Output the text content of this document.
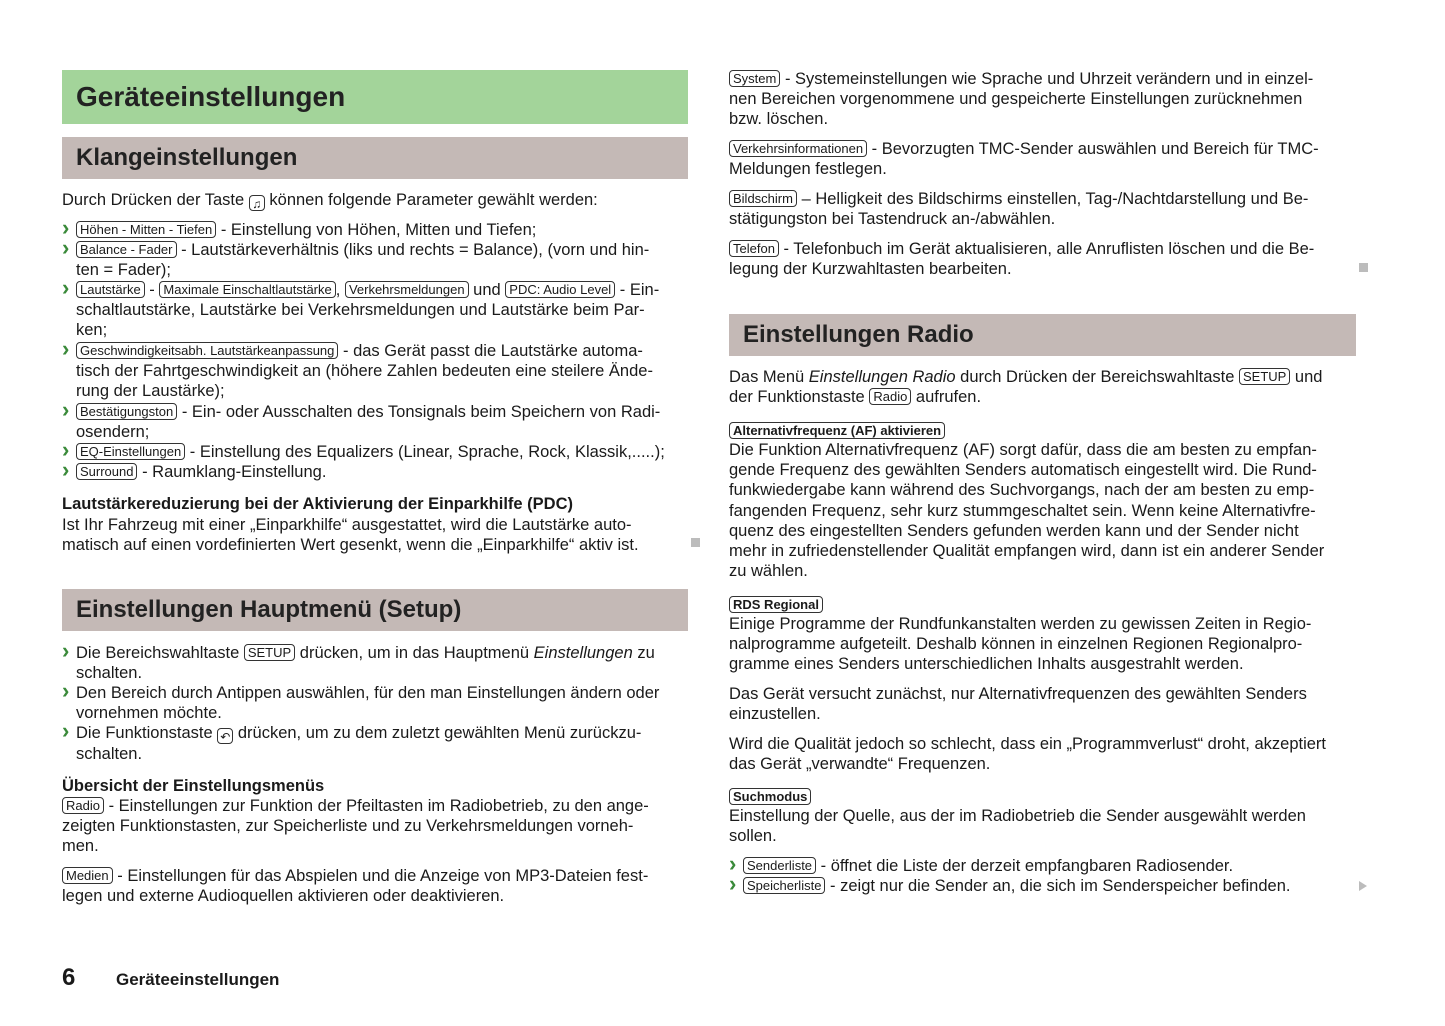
Geräteeinstellungen
Klangeinstellungen
Durch Drücken der Taste ♫ können folgende Parameter gewählt werden:
› Höhen - Mitten - Tiefen - Einstellung von Höhen, Mitten und Tiefen;
› Balance - Fader - Lautstärkeverhältnis (liks und rechts = Balance), (vorn und hin-
ten = Fader);
› Lautstärke - Maximale Einschaltlautstärke , Verkehrsmeldungen und PDC: Audio Level - Ein-
schaltlautstärke, Lautstärke bei Verkehrsmeldungen und Lautstärke beim Par-
ken;
› Geschwindigkeitsabh. Lautstärkeanpassung - das Gerät passt die Lautstärke automa-
tisch der Fahrtgeschwindigkeit an (höhere Zahlen bedeuten eine steilere Ände-
rung der Laustärke);
› Bestätigungston - Ein- oder Ausschalten des Tonsignals beim Speichern von Radi-
osendern;
› EQ-Einstellungen - Einstellung des Equalizers (Linear, Sprache, Rock, Klassik,.....);
› Surround - Raumklang-Einstellung.
Lautstärkereduzierung bei der Aktivierung der Einparkhilfe (PDC)
Ist Ihr Fahrzeug mit einer „Einparkhilfe“ ausgestattet, wird die Lautstärke auto-
matisch auf einen vordefinierten Wert gesenkt, wenn die „Einparkhilfe“ aktiv ist.
Einstellungen Hauptmenü (Setup)
› Die Bereichswahltaste SETUP drücken, um in das Hauptmenü Einstellungen zu
schalten.
› Den Bereich durch Antippen auswählen, für den man Einstellungen ändern oder
vornehmen möchte.
› Die Funktionstaste ↶ drücken, um zu dem zuletzt gewählten Menü zurückzu-
schalten.
Übersicht der Einstellungsmenüs
Radio - Einstellungen zur Funktion der Pfeiltasten im Radiobetrieb, zu den ange-
zeigten Funktionstasten, zur Speicherliste und zu Verkehrsmeldungen vorneh-
men.
Medien - Einstellungen für das Abspielen und die Anzeige von MP3-Dateien fest-
legen und externe Audioquellen aktivieren oder deaktivieren.
System - Systemeinstellungen wie Sprache und Uhrzeit verändern und in einzel-
nen Bereichen vorgenommene und gespeicherte Einstellungen zurücknehmen
bzw. löschen.
Verkehrsinformationen - Bevorzugten TMC-Sender auswählen und Bereich für TMC-
Meldungen festlegen.
Bildschirm – Helligkeit des Bildschirms einstellen, Tag-/Nachtdarstellung und Be-
stätigungston bei Tastendruck an-/abwählen.
Telefon - Telefonbuch im Gerät aktualisieren, alle Anruflisten löschen und die Be-
legung der Kurzwahltasten bearbeiten.
Einstellungen Radio
Das Menü Einstellungen Radio durch Drücken der Bereichswahltaste SETUP und
der Funktionstaste Radio aufrufen.
Alternativfrequenz (AF) aktivieren
Die Funktion Alternativfrequenz (AF) sorgt dafür, dass die am besten zu empfan-
gende Frequenz des gewählten Senders automatisch eingestellt wird. Die Rund-
funkwiedergabe kann während des Suchvorgangs, nach der am besten zu emp-
fangenden Frequenz, sehr kurz stummgeschaltet sein. Wenn keine Alternativfre-
quenz des eingestellten Senders gefunden werden kann und der Sender nicht
mehr in zufriedenstellender Qualität empfangen wird, dann ist ein anderer Sender
zu wählen.
RDS Regional
Einige Programme der Rundfunkanstalten werden zu gewissen Zeiten in Regio-
nalprogramme aufgeteilt. Deshalb können in einzelnen Regionen Regionalpro-
gramme eines Senders unterschiedlichen Inhalts ausgestrahlt werden.
Das Gerät versucht zunächst, nur Alternativfrequenzen des gewählten Senders
einzustellen.
Wird die Qualität jedoch so schlecht, dass ein „Programmverlust“ droht, akzeptiert
das Gerät „verwandte“ Frequenzen.
Suchmodus
Einstellung der Quelle, aus der im Radiobetrieb die Sender ausgewählt werden
sollen.
› Senderliste - öffnet die Liste der derzeit empfangbaren Radiosender.
› Speicherliste - zeigt nur die Sender an, die sich im Senderspeicher befinden.
6 Geräteeinstellungen
